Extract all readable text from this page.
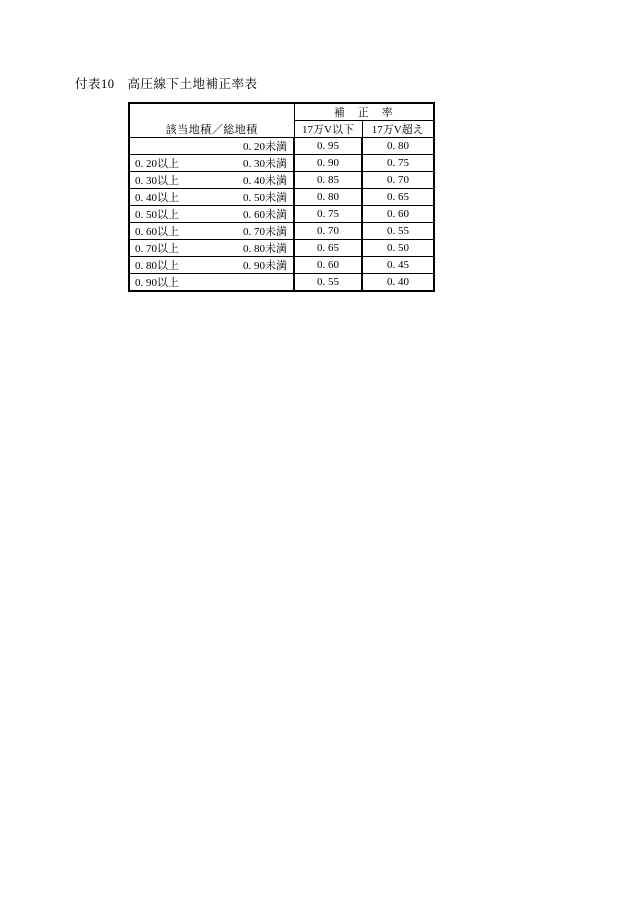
付表10　高圧線下土地補正率表
該当地積／総地積	補　正　率	
	17万V以下	17万V超え

0. 20未満	0. 95	0. 80

0. 20以上 0. 30未満	0. 90	0. 75

0. 30以上 0. 40未満	0. 85	0. 70

0. 40以上 0. 50未満	0. 80	0. 65

0. 50以上 0. 60未満	0. 75	0. 60

0. 60以上 0. 70未満	0. 70	0. 55

0. 70以上 0. 80未満	0. 65	0. 50

0. 80以上 0. 90未満	0. 60	0. 45

0. 90以上	0. 55	0. 40
